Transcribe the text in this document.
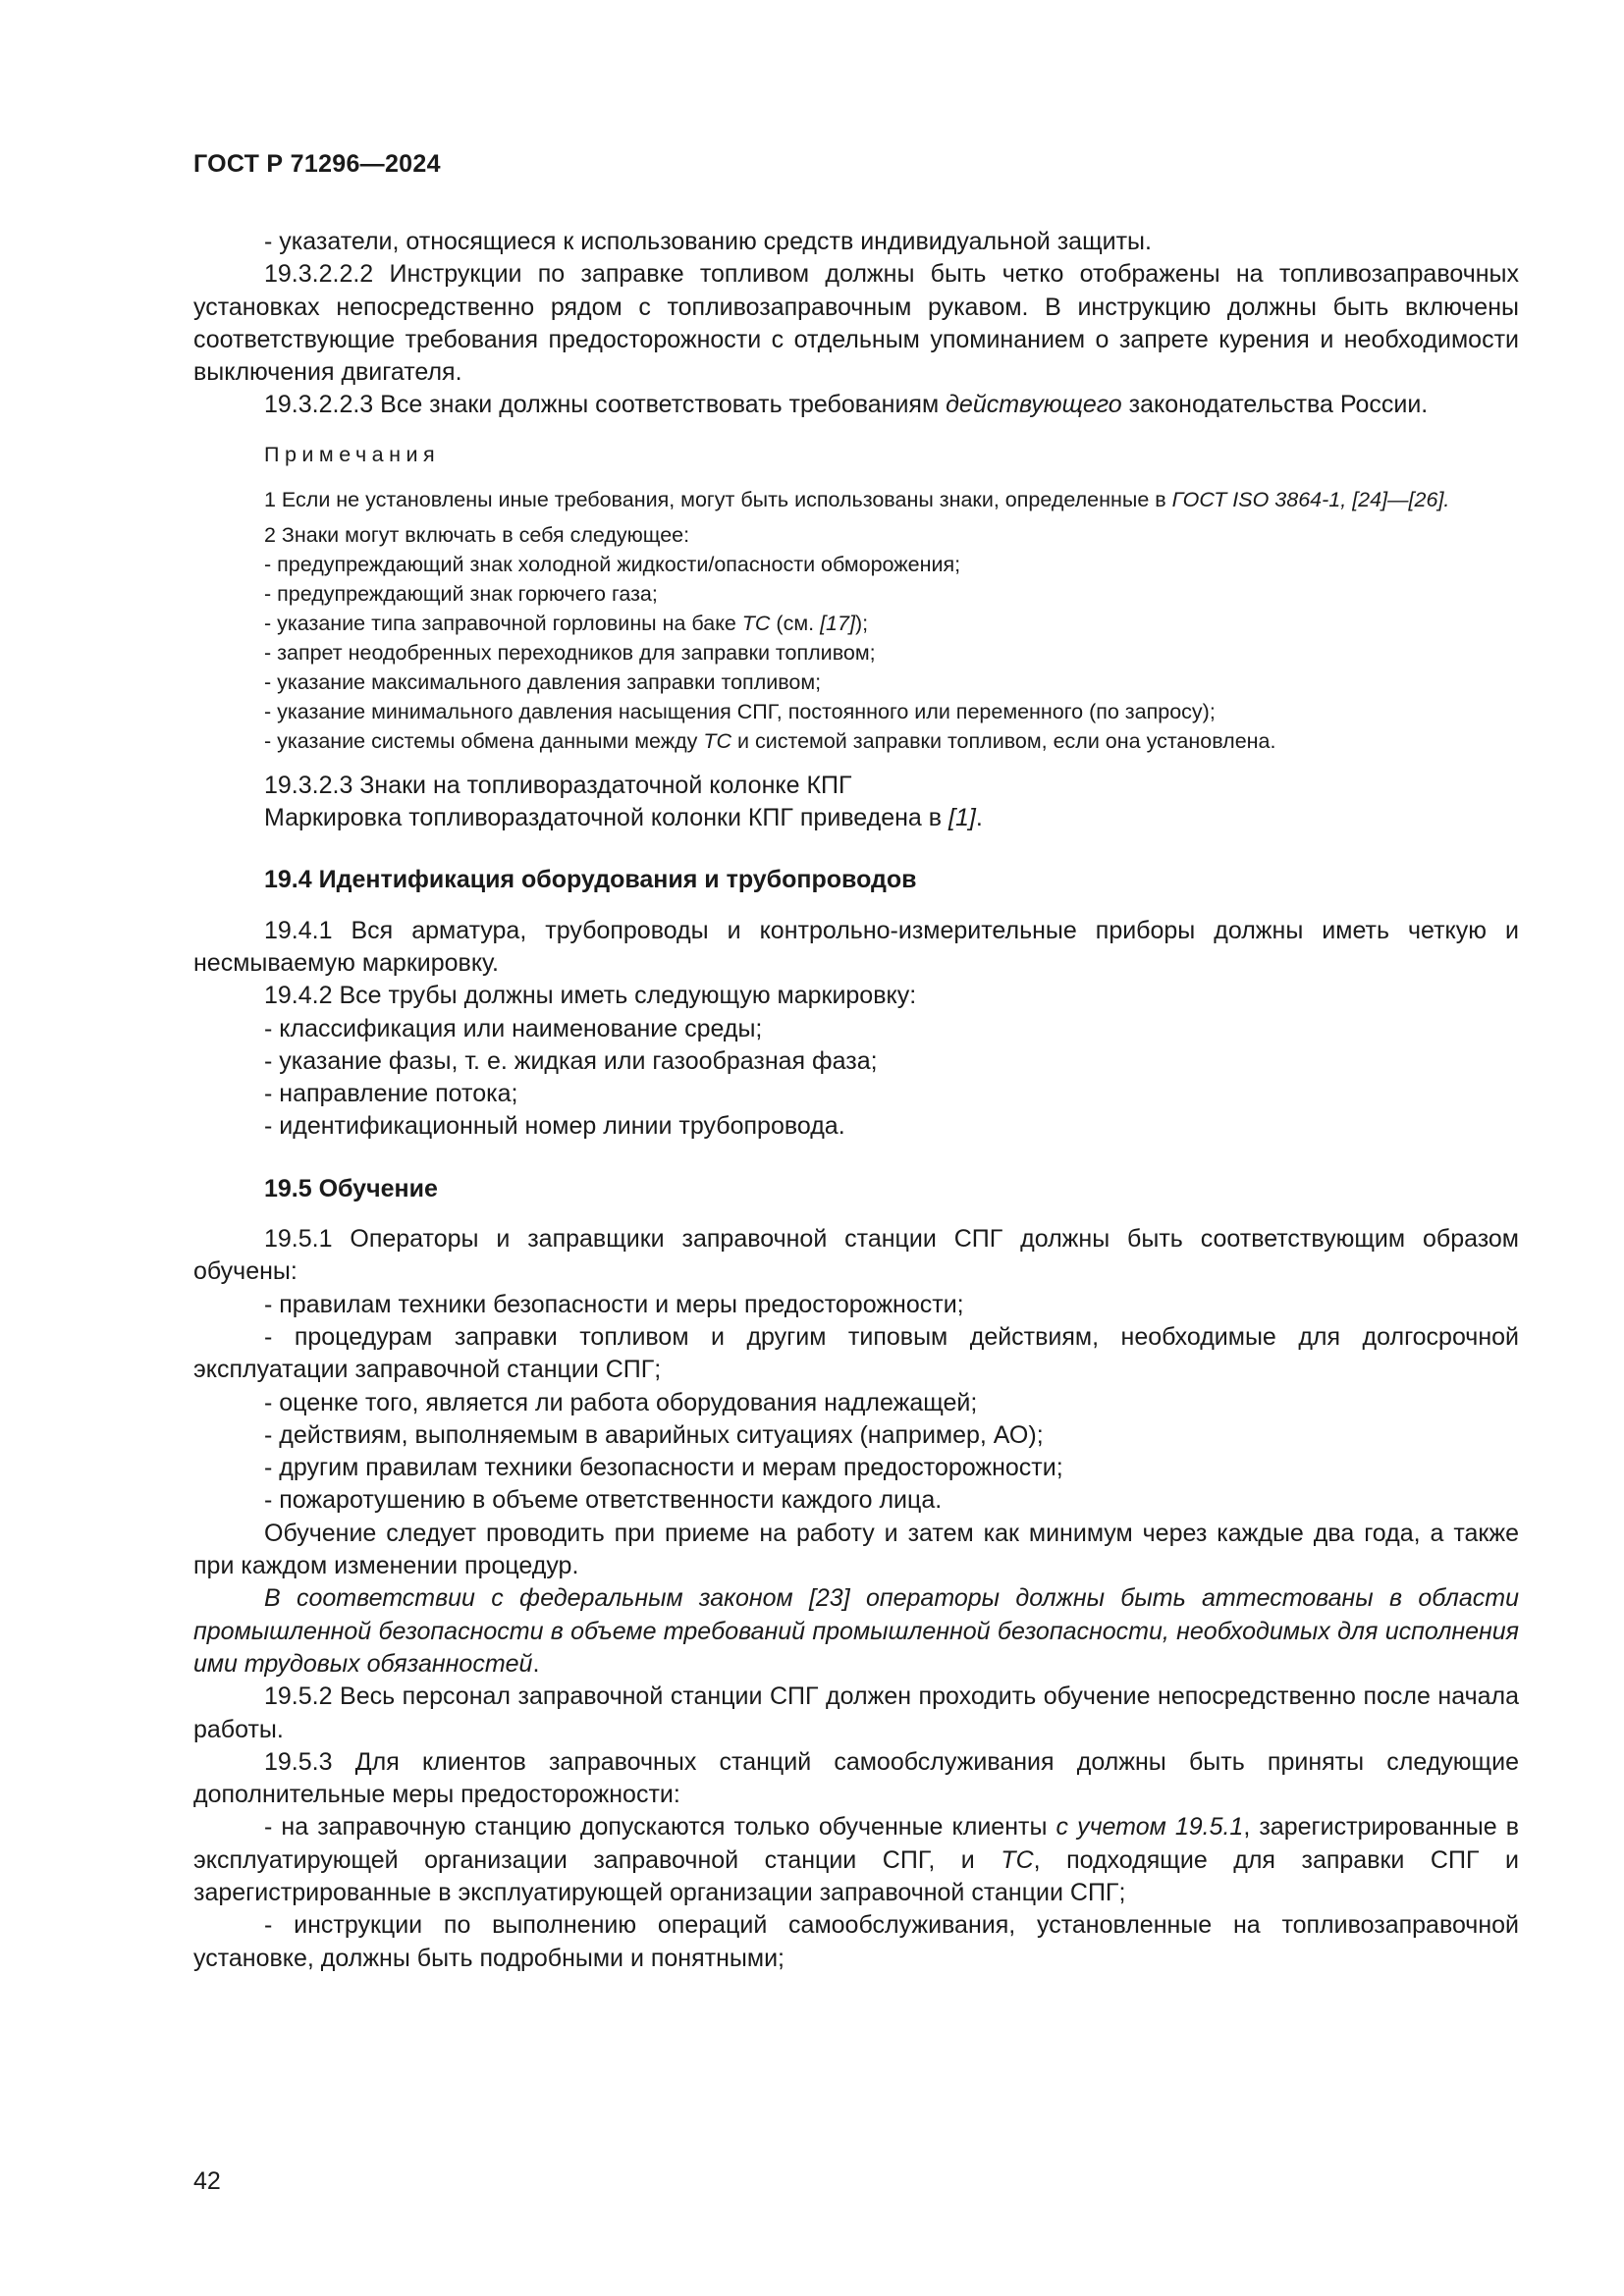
ГОСТ Р 71296—2024

- указатели, относящиеся к использованию средств индивидуальной защиты.

19.3.2.2.2 Инструкции по заправке топливом должны быть четко отображены на топливозаправочных установках непосредственно рядом с топливозаправочным рукавом. В инструкцию должны быть включены соответствующие требования предосторожности с отдельным упоминанием о запрете курения и необходимости выключения двигателя.

19.3.2.2.3 Все знаки должны соответствовать требованиям действующего законодательства России.

Примечания

1 Если не установлены иные требования, могут быть использованы знаки, определенные в ГОСТ ISO 3864-1, [24]—[26].

2 Знаки могут включать в себя следующее:

- предупреждающий знак холодной жидкости/опасности обморожения;

- предупреждающий знак горючего газа;

- указание типа заправочной горловины на баке ТС (см. [17]);

- запрет неодобренных переходников для заправки топливом;

- указание максимального давления заправки топливом;

- указание минимального давления насыщения СПГ, постоянного или переменного (по запросу);

- указание системы обмена данными между ТС и системой заправки топливом, если она установлена.

19.3.2.3 Знаки на топливораздаточной колонке КПГ

Маркировка топливораздаточной колонки КПГ приведена в [1].

19.4 Идентификация оборудования и трубопроводов

19.4.1 Вся арматура, трубопроводы и контрольно-измерительные приборы должны иметь четкую и несмываемую маркировку.

19.4.2 Все трубы должны иметь следующую маркировку:

- классификация или наименование среды;

- указание фазы, т. е. жидкая или газообразная фаза;

- направление потока;

- идентификационный номер линии трубопровода.

19.5 Обучение

19.5.1 Операторы и заправщики заправочной станции СПГ должны быть соответствующим образом обучены:

- правилам техники безопасности и меры предосторожности;

- процедурам заправки топливом и другим типовым действиям, необходимые для долгосрочной эксплуатации заправочной станции СПГ;

- оценке того, является ли работа оборудования надлежащей;

- действиям, выполняемым в аварийных ситуациях (например, АО);

- другим правилам техники безопасности и мерам предосторожности;

- пожаротушению в объеме ответственности каждого лица.

Обучение следует проводить при приеме на работу и затем как минимум через каждые два года, а также при каждом изменении процедур.

В соответствии с федеральным законом [23] операторы должны быть аттестованы в области промышленной безопасности в объеме требований промышленной безопасности, необходимых для исполнения ими трудовых обязанностей.

19.5.2 Весь персонал заправочной станции СПГ должен проходить обучение непосредственно после начала работы.

19.5.3 Для клиентов заправочных станций самообслуживания должны быть приняты следующие дополнительные меры предосторожности:

- на заправочную станцию допускаются только обученные клиенты с учетом 19.5.1, зарегистрированные в эксплуатирующей организации заправочной станции СПГ, и ТС, подходящие для заправки СПГ и зарегистрированные в эксплуатирующей организации заправочной станции СПГ;

- инструкции по выполнению операций самообслуживания, установленные на топливозаправочной установке, должны быть подробными и понятными;

42
